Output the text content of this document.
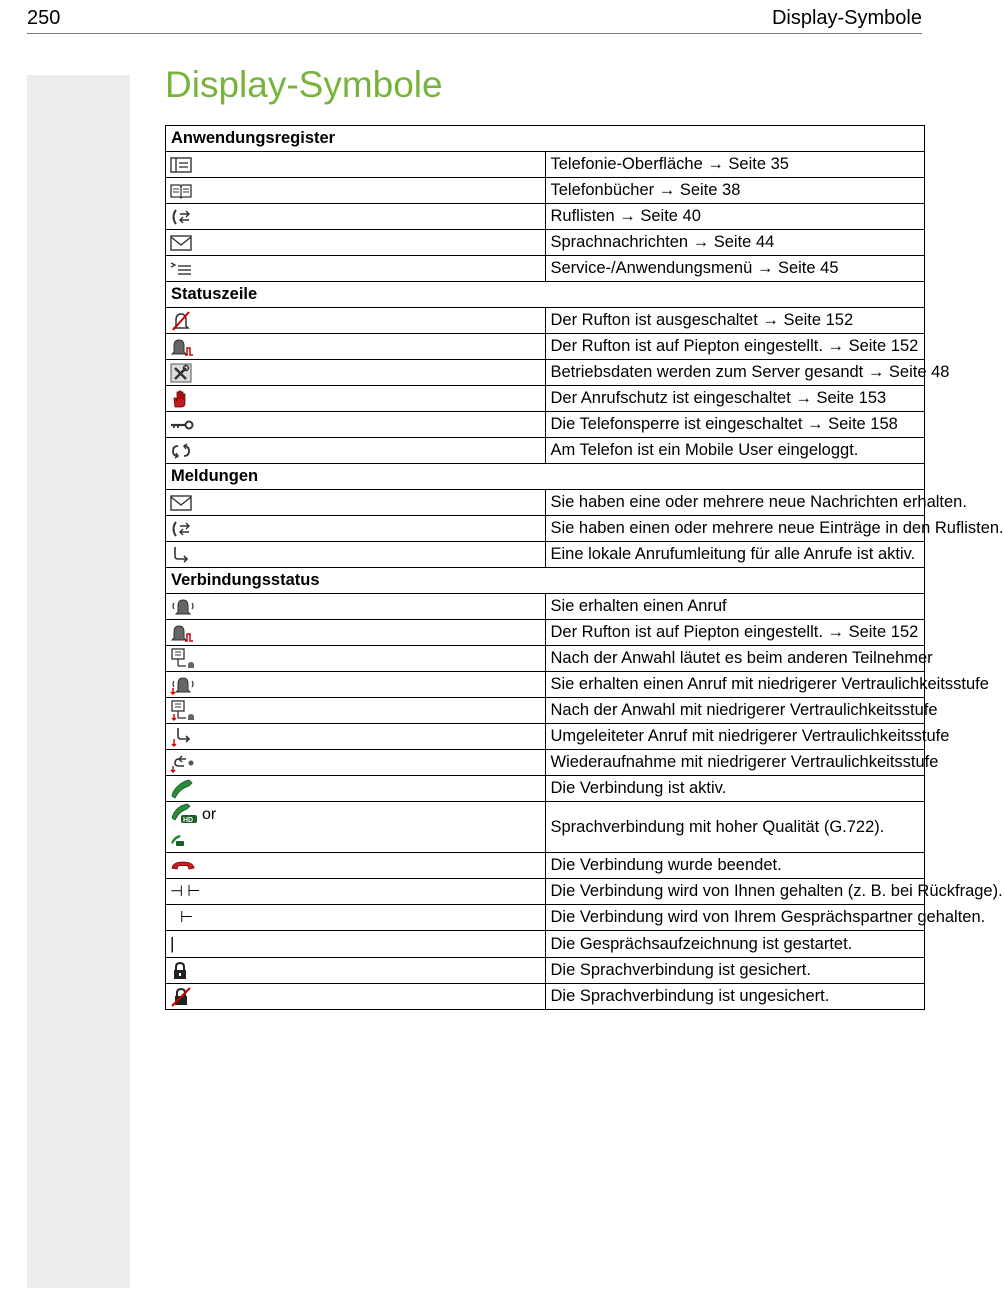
250	Display-Symbole
Display-Symbole
Anwendungsregister	

	Telefonie-Oberfläche → Seite 35

	Telefonbücher → Seite 38

	Ruflisten → Seite 40

	Sprachnachrichten → Seite 44

	Service-/Anwendungsmenü → Seite 45
Statuszeile	

	Der Rufton ist ausgeschaltet → Seite 152

	Der Rufton ist auf Piepton eingestellt. → Seite 152

	Betriebsdaten werden zum Server gesandt → Seite 48

	Der Anrufschutz ist eingeschaltet → Seite 153

	Die Telefonsperre ist eingeschaltet → Seite 158

	Am Telefon ist ein Mobile User eingeloggt.
Meldungen	

	Sie haben eine oder mehrere neue Nachrichten erhalten.

	Sie haben einen oder mehrere neue Einträge in den Ruflisten.

	Eine lokale Anrufumleitung für alle Anrufe ist aktiv.
Verbindungsstatus	

	Sie erhalten einen Anruf

	Der Rufton ist auf Piepton eingestellt. → Seite 152

	Nach der Anwahl läutet es beim anderen Teilnehmer

	Sie erhalten einen Anruf mit niedrigerer Vertraulichkeitsstufe

	Nach der Anwahl mit niedrigerer Vertraulichkeitsstufe

	Umgeleiteter Anruf mit niedrigerer Vertraulichkeitsstufe

	Wiederaufnahme mit niedrigerer Vertraulichkeitsstufe

	Die Verbindung ist aktiv.

HD or	Sprachverbindung mit hoher Qualität (G.722).

	Die Verbindung wurde beendet.
⊣ ⊢	Die Verbindung wird von Ihnen gehalten (z. B. bei Rückfrage).
⊢	Die Verbindung wird von Ihrem Gesprächspartner gehalten.
|	Die Gesprächsaufzeichnung ist gestartet.

	Die Sprachverbindung ist gesichert.

	Die Sprachverbindung ist ungesichert.
